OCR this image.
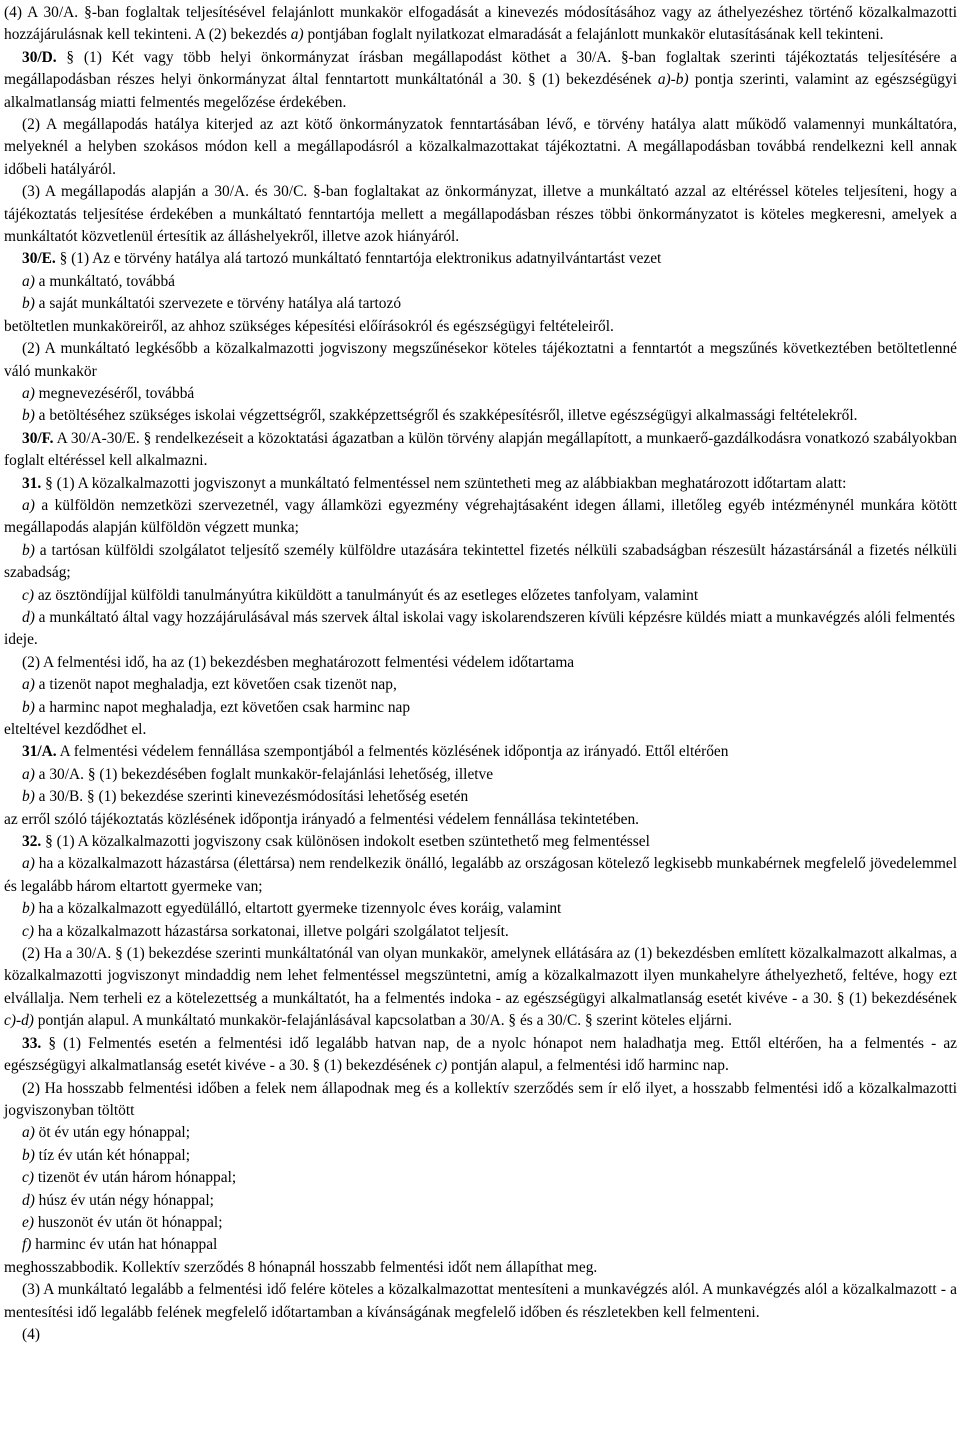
(4) A 30/A. §-ban foglaltak teljesítésével felajánlott munkakör elfogadását a kinevezés módosításához vagy az áthelyezéshez történő közalkalmazotti hozzájárulásnak kell tekinteni. A (2) bekezdés a) pontjában foglalt nyilatkozat elmaradását a felajánlott munkakör elutasításának kell tekinteni.

30/D. § (1) Két vagy több helyi önkormányzat írásban megállapodást köthet a 30/A. §-ban foglaltak szerinti tájékoztatás teljesítésére a megállapodásban részes helyi önkormányzat által fenntartott munkáltatónál a 30. § (1) bekezdésének a)-b) pontja szerinti, valamint az egészségügyi alkalmatlanság miatti felmentés megelőzése érdekében.

(2) A megállapodás hatálya kiterjed az azt kötő önkormányzatok fenntartásában lévő, e törvény hatálya alatt működő valamennyi munkáltatóra, melyeknél a helyben szokásos módon kell a megállapodásról a közalkalmazottakat tájékoztatni. A megállapodásban továbbá rendelkezni kell annak időbeli hatályáról.

(3) A megállapodás alapján a 30/A. és 30/C. §-ban foglaltakat az önkormányzat, illetve a munkáltató azzal az eltéréssel köteles teljesíteni, hogy a tájékoztatás teljesítése érdekében a munkáltató fenntartója mellett a megállapodásban részes többi önkormányzatot is köteles megkeresni, amelyek a munkáltatót közvetlenül értesítik az álláshelyekről, illetve azok hiányáról.

30/E. § (1) Az e törvény hatálya alá tartozó munkáltató fenntartója elektronikus adatnyilvántartást vezet

a) a munkáltató, továbbá

b) a saját munkáltatói szervezete e törvény hatálya alá tartozó

betöltetlen munkaköreiről, az ahhoz szükséges képesítési előírásokról és egészségügyi feltételeiről.

(2) A munkáltató legkésőbb a közalkalmazotti jogviszony megszűnésekor köteles tájékoztatni a fenntartót a megszűnés következtében betöltetlenné váló munkakör

a) megnevezéséről, továbbá

b) a betöltéséhez szükséges iskolai végzettségről, szakképzettségről és szakképesítésről, illetve egészségügyi alkalmassági feltételekről.

30/F. A 30/A-30/E. § rendelkezéseit a közoktatási ágazatban a külön törvény alapján megállapított, a munkaerő-gazdálkodásra vonatkozó szabályokban foglalt eltéréssel kell alkalmazni.

31. § (1) A közalkalmazotti jogviszonyt a munkáltató felmentéssel nem szüntetheti meg az alábbiakban meghatározott időtartam alatt:

a) a külföldön nemzetközi szervezetnél, vagy államközi egyezmény végrehajtásaként idegen állami, illetőleg egyéb intézménynél munkára kötött megállapodás alapján külföldön végzett munka;

b) a tartósan külföldi szolgálatot teljesítő személy külföldre utazására tekintettel fizetés nélküli szabadságban részesült házastársánál a fizetés nélküli szabadság;

c) az ösztöndíjjal külföldi tanulmányútra kiküldött a tanulmányút és az esetleges előzetes tanfolyam, valamint

d) a munkáltató által vagy hozzájárulásával más szervek által iskolai vagy iskolarendszeren kívüli képzésre küldés miatt a munkavégzés alóli felmentés

ideje.

(2) A felmentési idő, ha az (1) bekezdésben meghatározott felmentési védelem időtartama

a) a tizenöt napot meghaladja, ezt követően csak tizenöt nap,

b) a harminc napot meghaladja, ezt követően csak harminc nap

elteltével kezdődhet el.

31/A. A felmentési védelem fennállása szempontjából a felmentés közlésének időpontja az irányadó. Ettől eltérően

a) a 30/A. § (1) bekezdésében foglalt munkakör-felajánlási lehetőség, illetve

b) a 30/B. § (1) bekezdése szerinti kinevezésmódosítási lehetőség esetén

az erről szóló tájékoztatás közlésének időpontja irányadó a felmentési védelem fennállása tekintetében.

32. § (1) A közalkalmazotti jogviszony csak különösen indokolt esetben szüntethető meg felmentéssel

a) ha a közalkalmazott házastársa (élettársa) nem rendelkezik önálló, legalább az országosan kötelező legkisebb munkabérnek megfelelő jövedelemmel és legalább három eltartott gyermeke van;

b) ha a közalkalmazott egyedülálló, eltartott gyermeke tizennyolc éves koráig, valamint

c) ha a közalkalmazott házastársa sorkatonai, illetve polgári szolgálatot teljesít.

(2) Ha a 30/A. § (1) bekezdése szerinti munkáltatónál van olyan munkakör, amelynek ellátására az (1) bekezdésben említett közalkalmazott alkalmas, a közalkalmazotti jogviszonyt mindaddig nem lehet felmentéssel megszüntetni, amíg a közalkalmazott ilyen munkahelyre áthelyezhető, feltéve, hogy ezt elvállalja. Nem terheli ez a kötelezettség a munkáltatót, ha a felmentés indoka - az egészségügyi alkalmatlanság esetét kivéve - a 30. § (1) bekezdésének c)-d) pontján alapul. A munkáltató munkakör-felajánlásával kapcsolatban a 30/A. § és a 30/C. § szerint köteles eljárni.

33. § (1) Felmentés esetén a felmentési idő legalább hatvan nap, de a nyolc hónapot nem haladhatja meg. Ettől eltérően, ha a felmentés - az egészségügyi alkalmatlanság esetét kivéve - a 30. § (1) bekezdésének c) pontján alapul, a felmentési idő harminc nap.

(2) Ha hosszabb felmentési időben a felek nem állapodnak meg és a kollektív szerződés sem ír elő ilyet, a hosszabb felmentési idő a közalkalmazotti jogviszonyban töltött

a) öt év után egy hónappal;

b) tíz év után két hónappal;

c) tizenöt év után három hónappal;

d) húsz év után négy hónappal;

e) huszonöt év után öt hónappal;

f) harminc év után hat hónappal

meghosszabbodik. Kollektív szerződés 8 hónapnál hosszabb felmentési időt nem állapíthat meg.

(3) A munkáltató legalább a felmentési idő felére köteles a közalkalmazottat mentesíteni a munkavégzés alól. A munkavégzés alól a közalkalmazott - a mentesítési idő legalább felének megfelelő időtartamban a kívánságának megfelelő időben és részletekben kell felmenteni.

(4)
